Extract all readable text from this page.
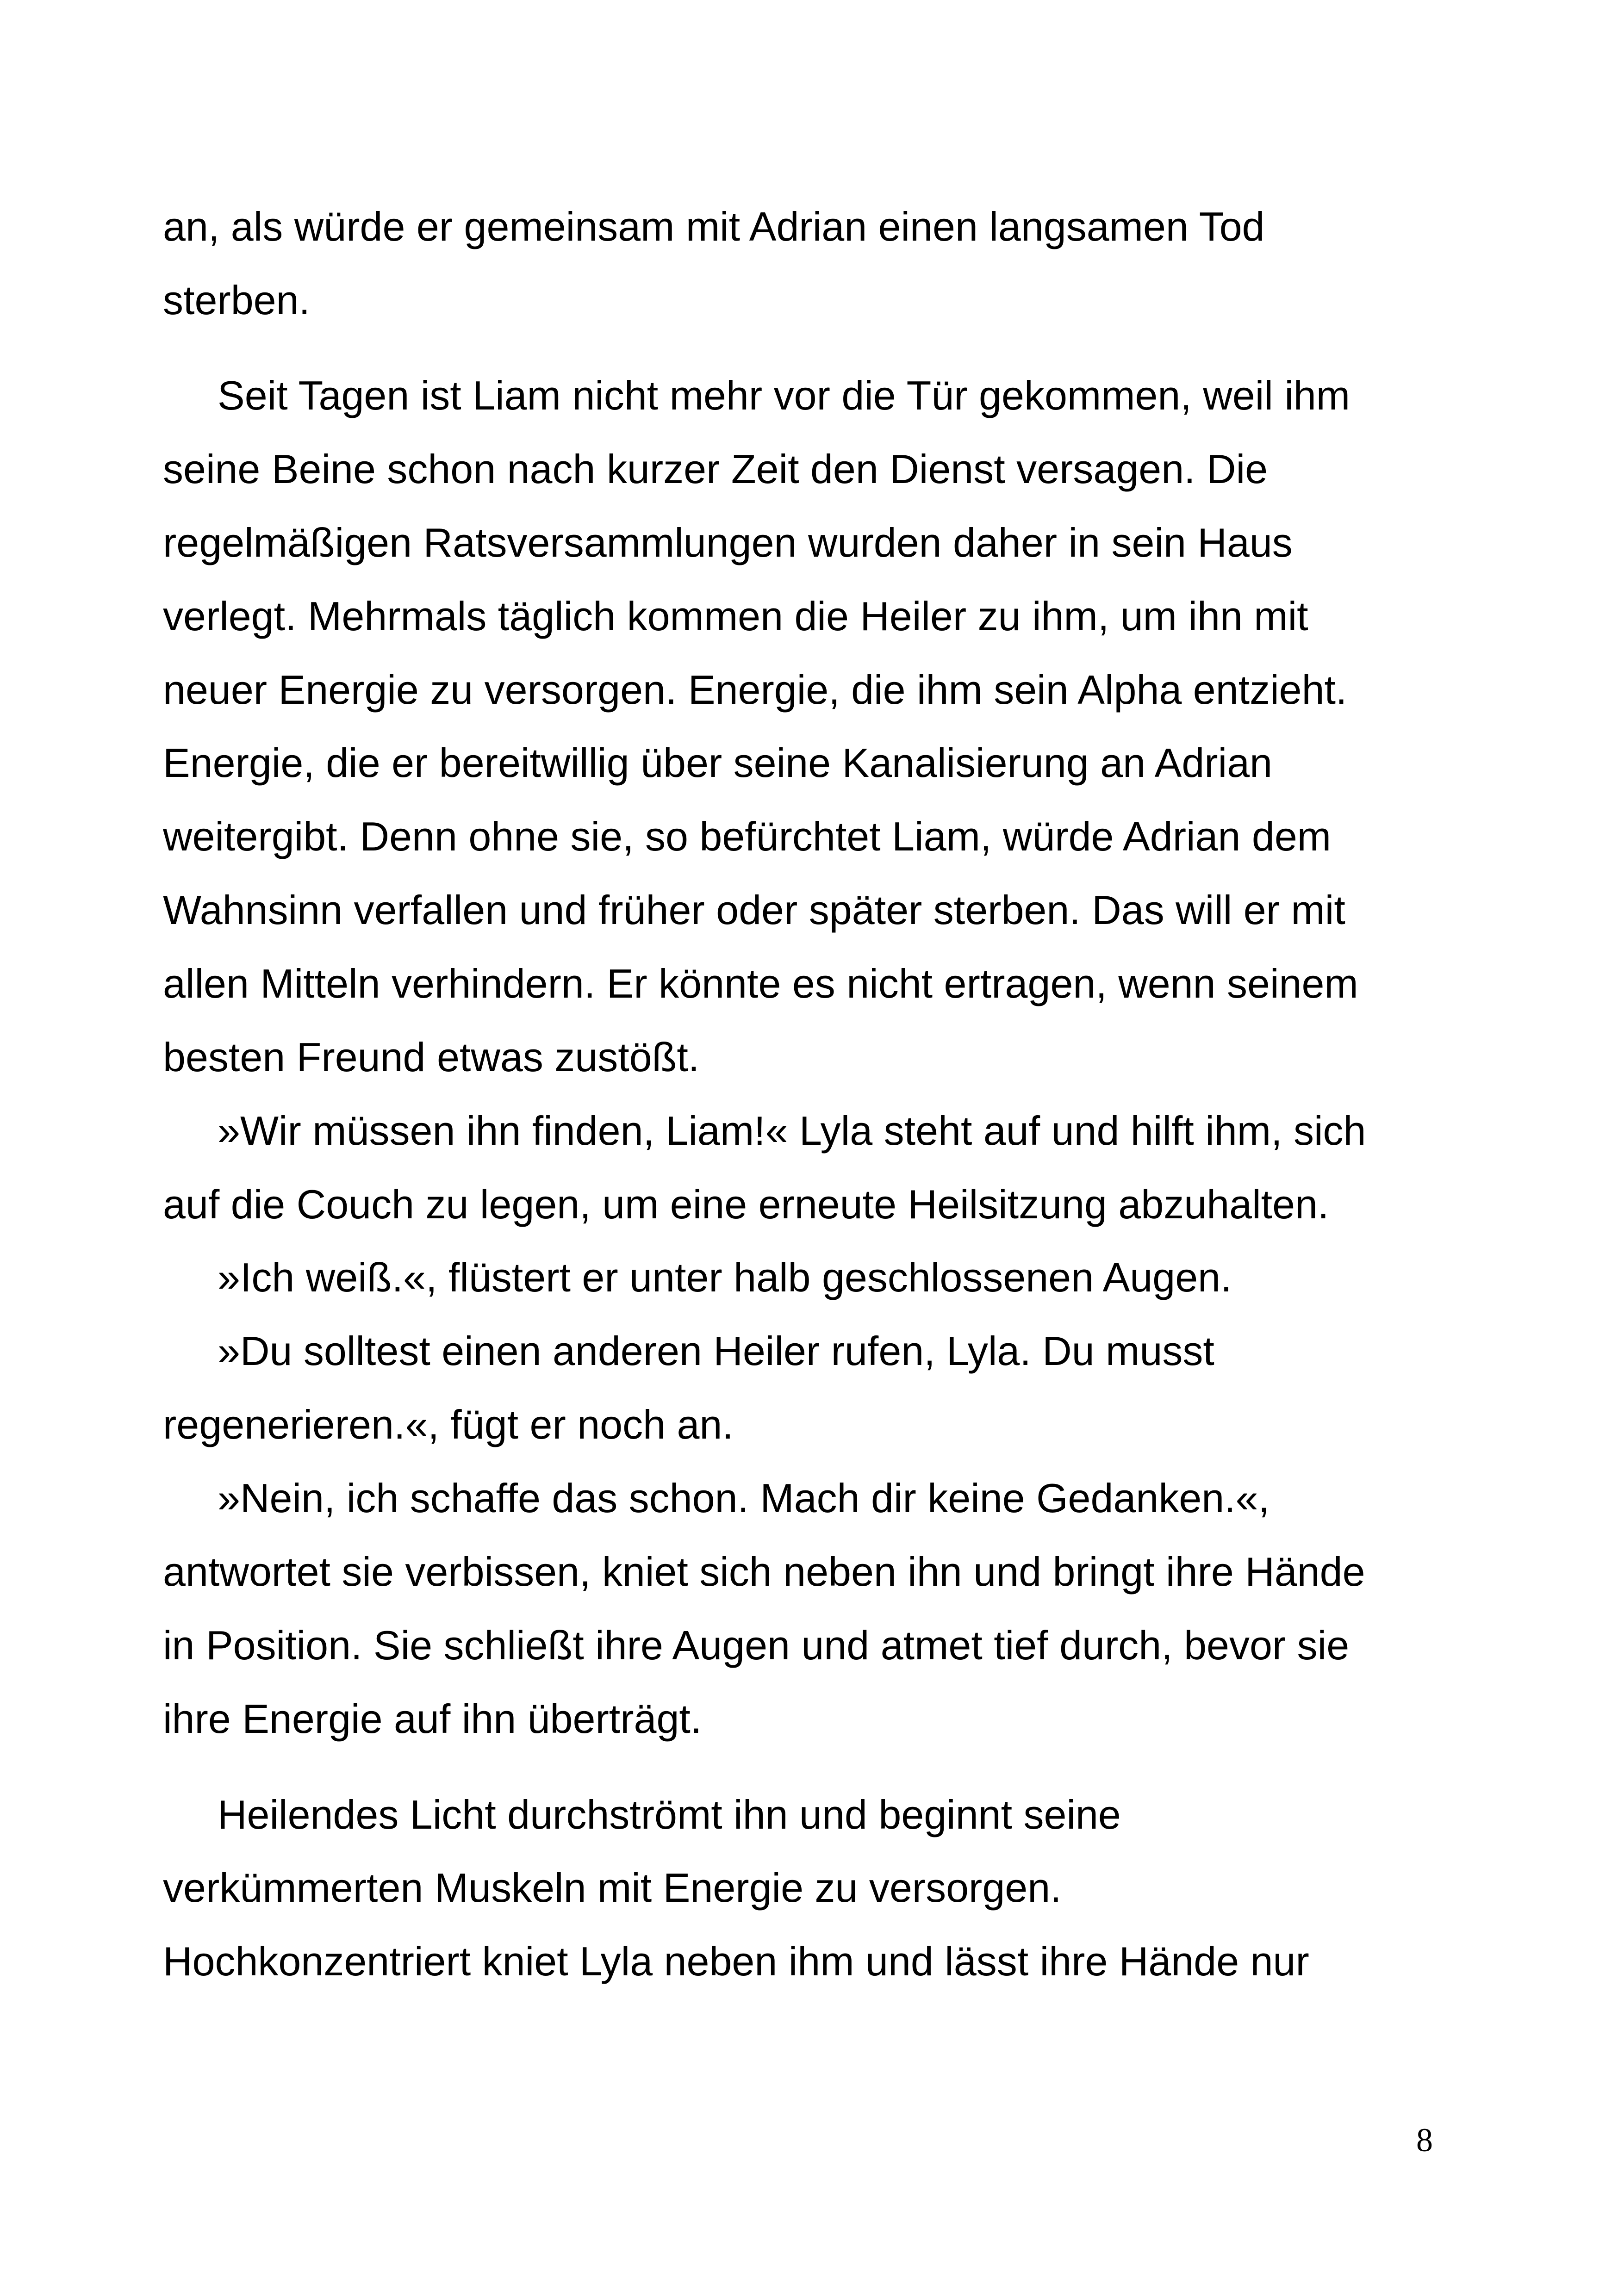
an, als würde er gemeinsam mit Adrian einen langsamen Tod
sterben.
Seit Tagen ist Liam nicht mehr vor die Tür gekommen, weil ihm
seine Beine schon nach kurzer Zeit den Dienst versagen. Die
regelmäßigen Ratsversammlungen wurden daher in sein Haus
verlegt. Mehrmals täglich kommen die Heiler zu ihm, um ihn mit
neuer Energie zu versorgen. Energie, die ihm sein Alpha entzieht.
Energie, die er bereitwillig über seine Kanalisierung an Adrian
weitergibt. Denn ohne sie, so befürchtet Liam, würde Adrian dem
Wahnsinn verfallen und früher oder später sterben. Das will er mit
allen Mitteln verhindern. Er könnte es nicht ertragen, wenn seinem
besten Freund etwas zustößt.
»Wir müssen ihn finden, Liam!« Lyla steht auf und hilft ihm, sich
auf die Couch zu legen, um eine erneute Heilsitzung abzuhalten.
»Ich weiß.«, flüstert er unter halb geschlossenen Augen.
»Du solltest einen anderen Heiler rufen, Lyla. Du musst
regenerieren.«, fügt er noch an.
»Nein, ich schaffe das schon. Mach dir keine Gedanken.«,
antwortet sie verbissen, kniet sich neben ihn und bringt ihre Hände
in Position. Sie schließt ihre Augen und atmet tief durch, bevor sie
ihre Energie auf ihn überträgt.
Heilendes Licht durchströmt ihn und beginnt seine
verkümmerten Muskeln mit Energie zu versorgen.
Hochkonzentriert kniet Lyla neben ihm und lässt ihre Hände nur
8
